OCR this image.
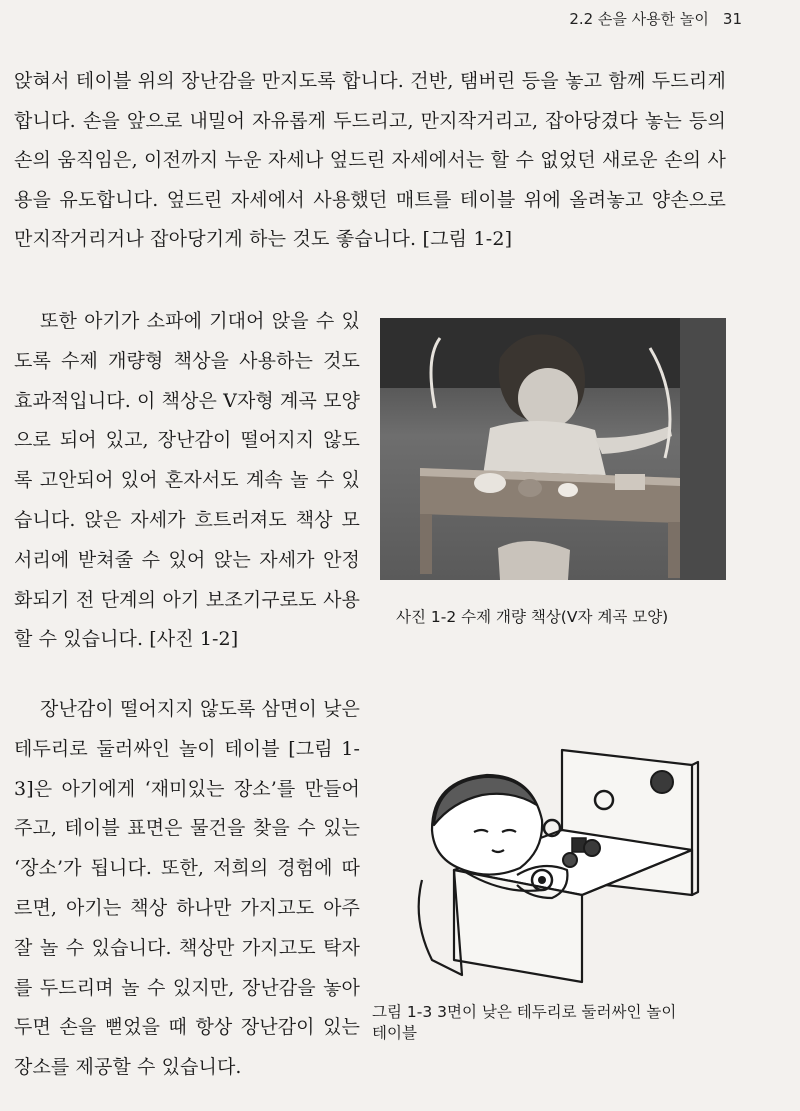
2.2 손을 사용한 놀이 31

앉혀서 테이블 위의 장난감을 만지도록 합니다. 건반, 탬버린 등을 놓고 함께 두드리게 합니다. 손을 앞으로 내밀어 자유롭게 두드리고, 만지작거리고, 잡아당겼다 놓는 등의 손의 움직임은, 이전까지 누운 자세나 엎드린 자세에서는 할 수 없었던 새로운 손의 사용을 유도합니다. 엎드린 자세에서 사용했던 매트를 테이블 위에 올려놓고 양손으로 만지작거리거나 잡아당기게 하는 것도 좋습니다. [그림 1-2]

또한 아기가 소파에 기대어 앉을 수 있도록 수제 개량형 책상을 사용하는 것도 효과적입니다. 이 책상은 V자형 계곡 모양으로 되어 있고, 장난감이 떨어지지 않도록 고안되어 있어 혼자서도 계속 놀 수 있습니다. 앉은 자세가 흐트러져도 책상 모서리에 받쳐줄 수 있어 앉는 자세가 안정화되기 전 단계의 아기 보조기구로도 사용할 수 있습니다. [사진 1-2]

사진 1-2 수제 개량 책상(V자 계곡 모양)

장난감이 떨어지지 않도록 삼면이 낮은 테두리로 둘러싸인 놀이 테이블 [그림 1-3]은 아기에게 ‘재미있는 장소’를 만들어 주고, 테이블 표면은 물건을 찾을 수 있는 ‘장소’가 됩니다. 또한, 저희의 경험에 따르면, 아기는 책상 하나만 가지고도 아주 잘 놀 수 있습니다. 책상만 가지고도 탁자를 두드리며 놀 수 있지만, 장난감을 놓아두면 손을 뻗었을 때 항상 장난감이 있는 장소를 제공할 수 있습니다.

그림 1-3 3면이 낮은 테두리로 둘러싸인 놀이
테이블
